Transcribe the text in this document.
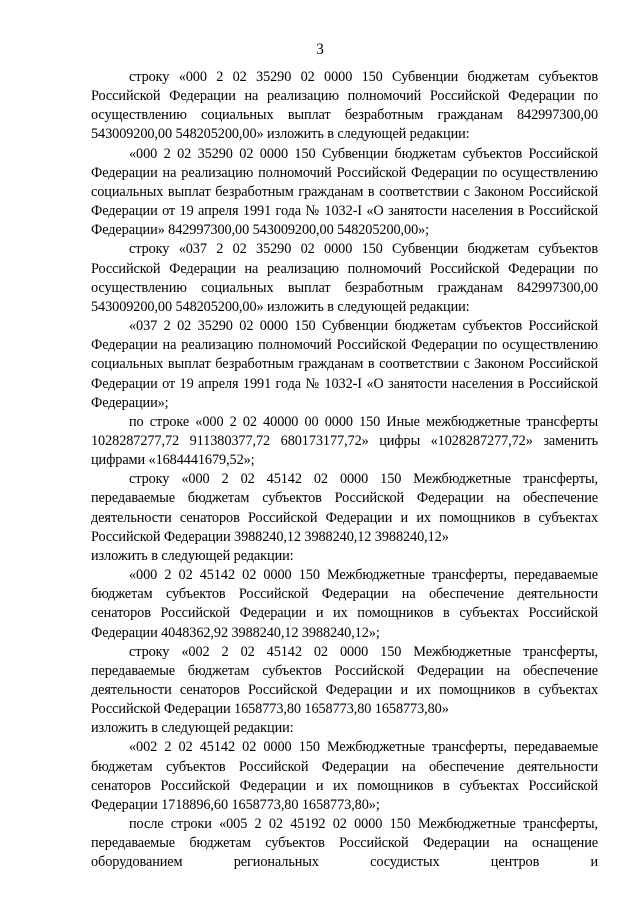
3

строку «000 2 02 35290 02 0000 150 Субвенции бюджетам субъектов Российской Федерации на реализацию полномочий Российской Федерации по осуществлению социальных выплат безработным гражданам 842997300,00 543009200,00 548205200,00» изложить в следующей редакции:

«000 2 02 35290 02 0000 150 Субвенции бюджетам субъектов Российской Федерации на реализацию полномочий Российской Федерации по осуществлению социальных выплат безработным гражданам в соответствии с Законом Российской Федерации от 19 апреля 1991 года № 1032-I «О занятости населения в Российской Федерации» 842997300,00 543009200,00 548205200,00»;

строку «037 2 02 35290 02 0000 150 Субвенции бюджетам субъектов Российской Федерации на реализацию полномочий Российской Федерации по осуществлению социальных выплат безработным гражданам 842997300,00 543009200,00 548205200,00» изложить в следующей редакции:

«037 2 02 35290 02 0000 150 Субвенции бюджетам субъектов Российской Федерации на реализацию полномочий Российской Федерации по осуществлению социальных выплат безработным гражданам в соответствии с Законом Российской Федерации от 19 апреля 1991 года № 1032-I «О занятости населения в Российской Федерации»;

по строке «000 2 02 40000 00 0000 150 Иные межбюджетные трансферты 1028287277,72 911380377,72 680173177,72» цифры «1028287277,72» заменить цифрами «1684441679,52»;

строку «000 2 02 45142 02 0000 150 Межбюджетные трансферты, передаваемые бюджетам субъектов Российской Федерации на обеспечение деятельности сенаторов Российской Федерации и их помощников в субъектах Российской Федерации 3988240,12 3988240,12 3988240,12»

изложить в следующей редакции:

«000 2 02 45142 02 0000 150 Межбюджетные трансферты, передаваемые бюджетам субъектов Российской Федерации на обеспечение деятельности сенаторов Российской Федерации и их помощников в субъектах Российской Федерации 4048362,92 3988240,12 3988240,12»;

строку «002 2 02 45142 02 0000 150 Межбюджетные трансферты, передаваемые бюджетам субъектов Российской Федерации на обеспечение деятельности сенаторов Российской Федерации и их помощников в субъектах Российской Федерации 1658773,80 1658773,80 1658773,80»

изложить в следующей редакции:

«002 2 02 45142 02 0000 150 Межбюджетные трансферты, передаваемые бюджетам субъектов Российской Федерации на обеспечение деятельности сенаторов Российской Федерации и их помощников в субъектах Российской Федерации 1718896,60 1658773,80 1658773,80»;

после строки «005 2 02 45192 02 0000 150 Межбюджетные трансферты, передаваемые бюджетам субъектов Российской Федерации на оснащение оборудованием региональных сосудистых центров и
